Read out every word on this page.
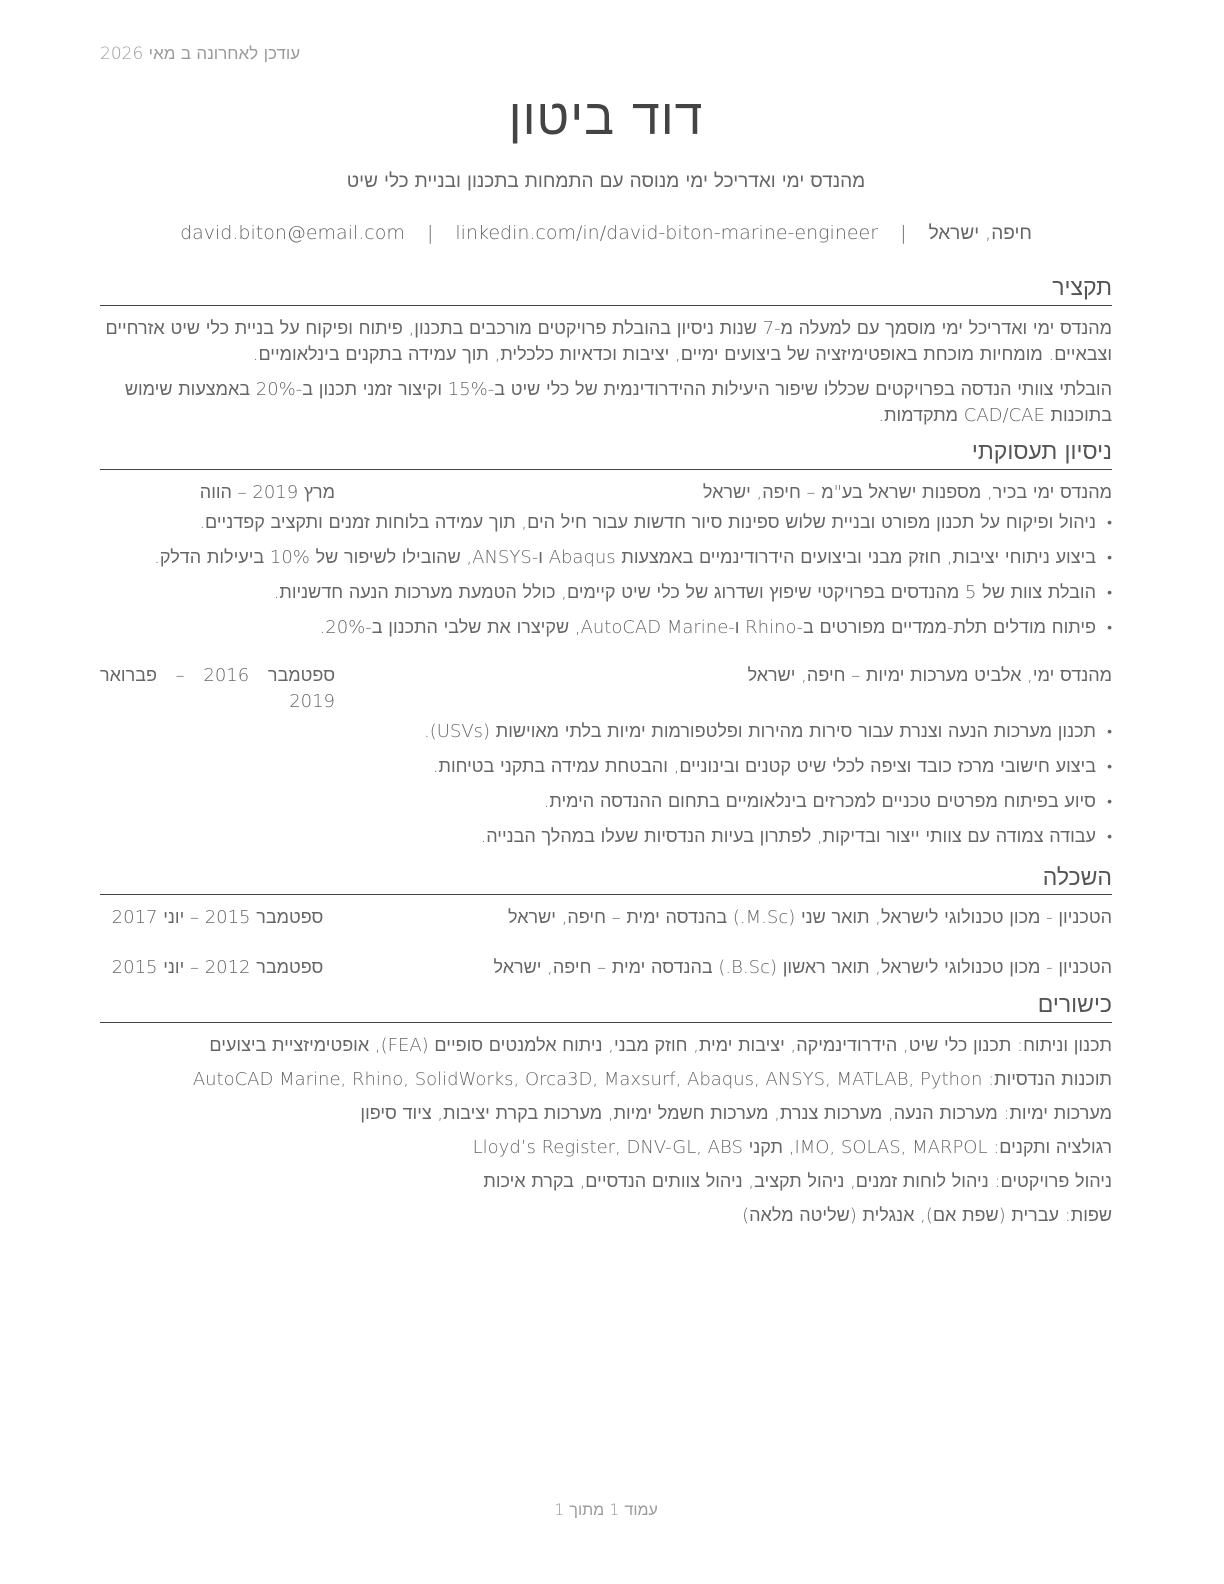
עודכן לאחרונה ב מאי 2026
דוד ביטון
מהנדס ימי ואדריכל ימי מנוסה עם התמחות בתכנון ובניית כלי שיט
חיפה, ישראל | david.biton@email.com | linkedin.com/in/david-biton-marine-engineer
תקציר

מהנדס ימי ואדריכל ימי מוסמך עם למעלה מ-7 שנות ניסיון בהובלת פרויקטים מורכבים בתכנון, פיתוח ופיקוח על בניית כלי שיט אזרחיים וצבאיים. מומחיות מוכחת באופטימיזציה של ביצועים ימיים, יציבות וכדאיות כלכלית, תוך עמידה בתקנים בינלאומיים.

הובלתי צוותי הנדסה בפרויקטים שכללו שיפור היעילות ההידרודינמית של כלי שיט ב-15% וקיצור זמני תכנון ב-20% באמצעות שימוש בתוכנות CAD/CAE מתקדמות.

ניסיון תעסוקתי
מהנדס ימי בכיר, מספנות ישראל בע"מ – חיפה, ישראל
מרץ 2019 – הווה
• ניהול ופיקוח על תכנון מפורט ובניית שלוש ספינות סיור חדשות עבור חיל הים, תוך עמידה בלוחות זמנים ותקציב קפדניים.
• ביצוע ניתוחי יציבות, חוזק מבני וביצועים הידרודינמיים באמצעות Abaqus ו-ANSYS, שהובילו לשיפור של 10% ביעילות הדלק.
• הובלת צוות של 5 מהנדסים בפרויקטי שיפוץ ושדרוג של כלי שיט קיימים, כולל הטמעת מערכות הנעה חדשניות.
• פיתוח מודלים תלת-ממדיים מפורטים ב-Rhino ו-AutoCAD Marine, שקיצרו את שלבי התכנון ב-20%.
מהנדס ימי, אלביט מערכות ימיות – חיפה, ישראל
ספטמבר 2016 – פברואר 2019
• תכנון מערכות הנעה וצנרת עבור סירות מהירות ופלטפורמות ימיות בלתי מאוישות (USVs).
• ביצוע חישובי מרכז כובד וציפה לכלי שיט קטנים ובינוניים, והבטחת עמידה בתקני בטיחות.
• סיוע בפיתוח מפרטים טכניים למכרזים בינלאומיים בתחום ההנדסה הימית.
• עבודה צמודה עם צוותי ייצור ובדיקות, לפתרון בעיות הנדסיות שעלו במהלך הבנייה.
השכלה
הטכניון - מכון טכנולוגי לישראל, תואר שני (M.Sc.) בהנדסה ימית – חיפה, ישראל
ספטמבר 2015 – יוני 2017
הטכניון - מכון טכנולוגי לישראל, תואר ראשון (B.Sc.) בהנדסה ימית – חיפה, ישראל
ספטמבר 2012 – יוני 2015
כישורים
תכנון וניתוח: תכנון כלי שיט, הידרודינמיקה, יציבות ימית, חוזק מבני, ניתוח אלמנטים סופיים (FEA), אופטימיזציית ביצועים
תוכנות הנדסיות: AutoCAD Marine, Rhino, SolidWorks, Orca3D, Maxsurf, Abaqus, ANSYS, MATLAB, Python
מערכות ימיות: מערכות הנעה, מערכות צנרת, מערכות חשמל ימיות, מערכות בקרת יציבות, ציוד סיפון
רגולציה ותקנים: IMO, SOLAS, MARPOL, תקני Lloyd’s Register, DNV-GL, ABS
ניהול פרויקטים: ניהול לוחות זמנים, ניהול תקציב, ניהול צוותים הנדסיים, בקרת איכות
שפות: עברית (שפת אם), אנגלית (שליטה מלאה)
עמוד 1 מתוך 1
